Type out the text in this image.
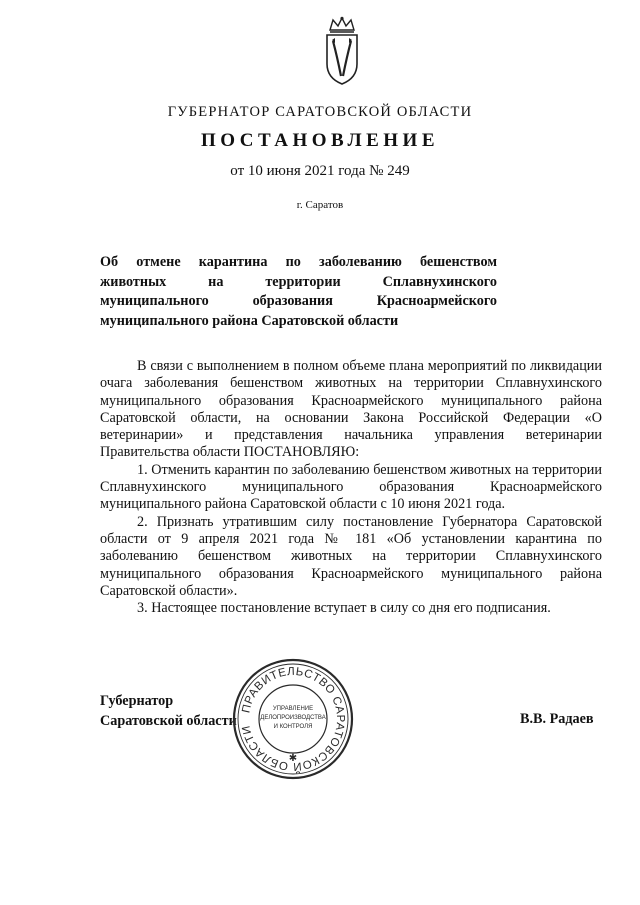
ГУБЕРНАТОР САРАТОВСКОЙ ОБЛАСТИ
ПОСТАНОВЛЕНИЕ
от 10 июня 2021 года № 249
г. Саратов
Об отмене карантина по заболеванию бешенством
животных на территории Сплавнухинского
муниципального образования Красноармейского
муниципального района Саратовской области

В связи с выполнением в полном объеме плана мероприятий по ликвидации очага заболевания бешенством животных на территории Сплавнухинского муниципального образования Красноармейского муниципального района Саратовской области, на основании Закона Российской Федерации «О ветеринарии» и представления начальника управления ветеринарии Правительства области ПОСТАНОВЛЯЮ:

1. Отменить карантин по заболеванию бешенством животных на территории Сплавнухинского муниципального образования Красноармейского муниципального района Саратовской области с 10 июня 2021 года.

2. Признать утратившим силу постановление Губернатора Саратовской области от 9 апреля 2021 года № 181 «Об установлении карантина по заболеванию бешенством животных на территории Сплавнухинского муниципального образования Красноармейского муниципального района Саратовской области».

3. Настоящее постановление вступает в силу со дня его подписания.

Губернатор
Саратовской области	В.В. Радаев
ПРАВИТЕЛЬСТВО САРАТОВСКОЙ ОБЛАСТИ
УПРАВЛЕНИЕ
ДЕЛОПРОИЗВОДСТВА
И КОНТРОЛЯ
✱
